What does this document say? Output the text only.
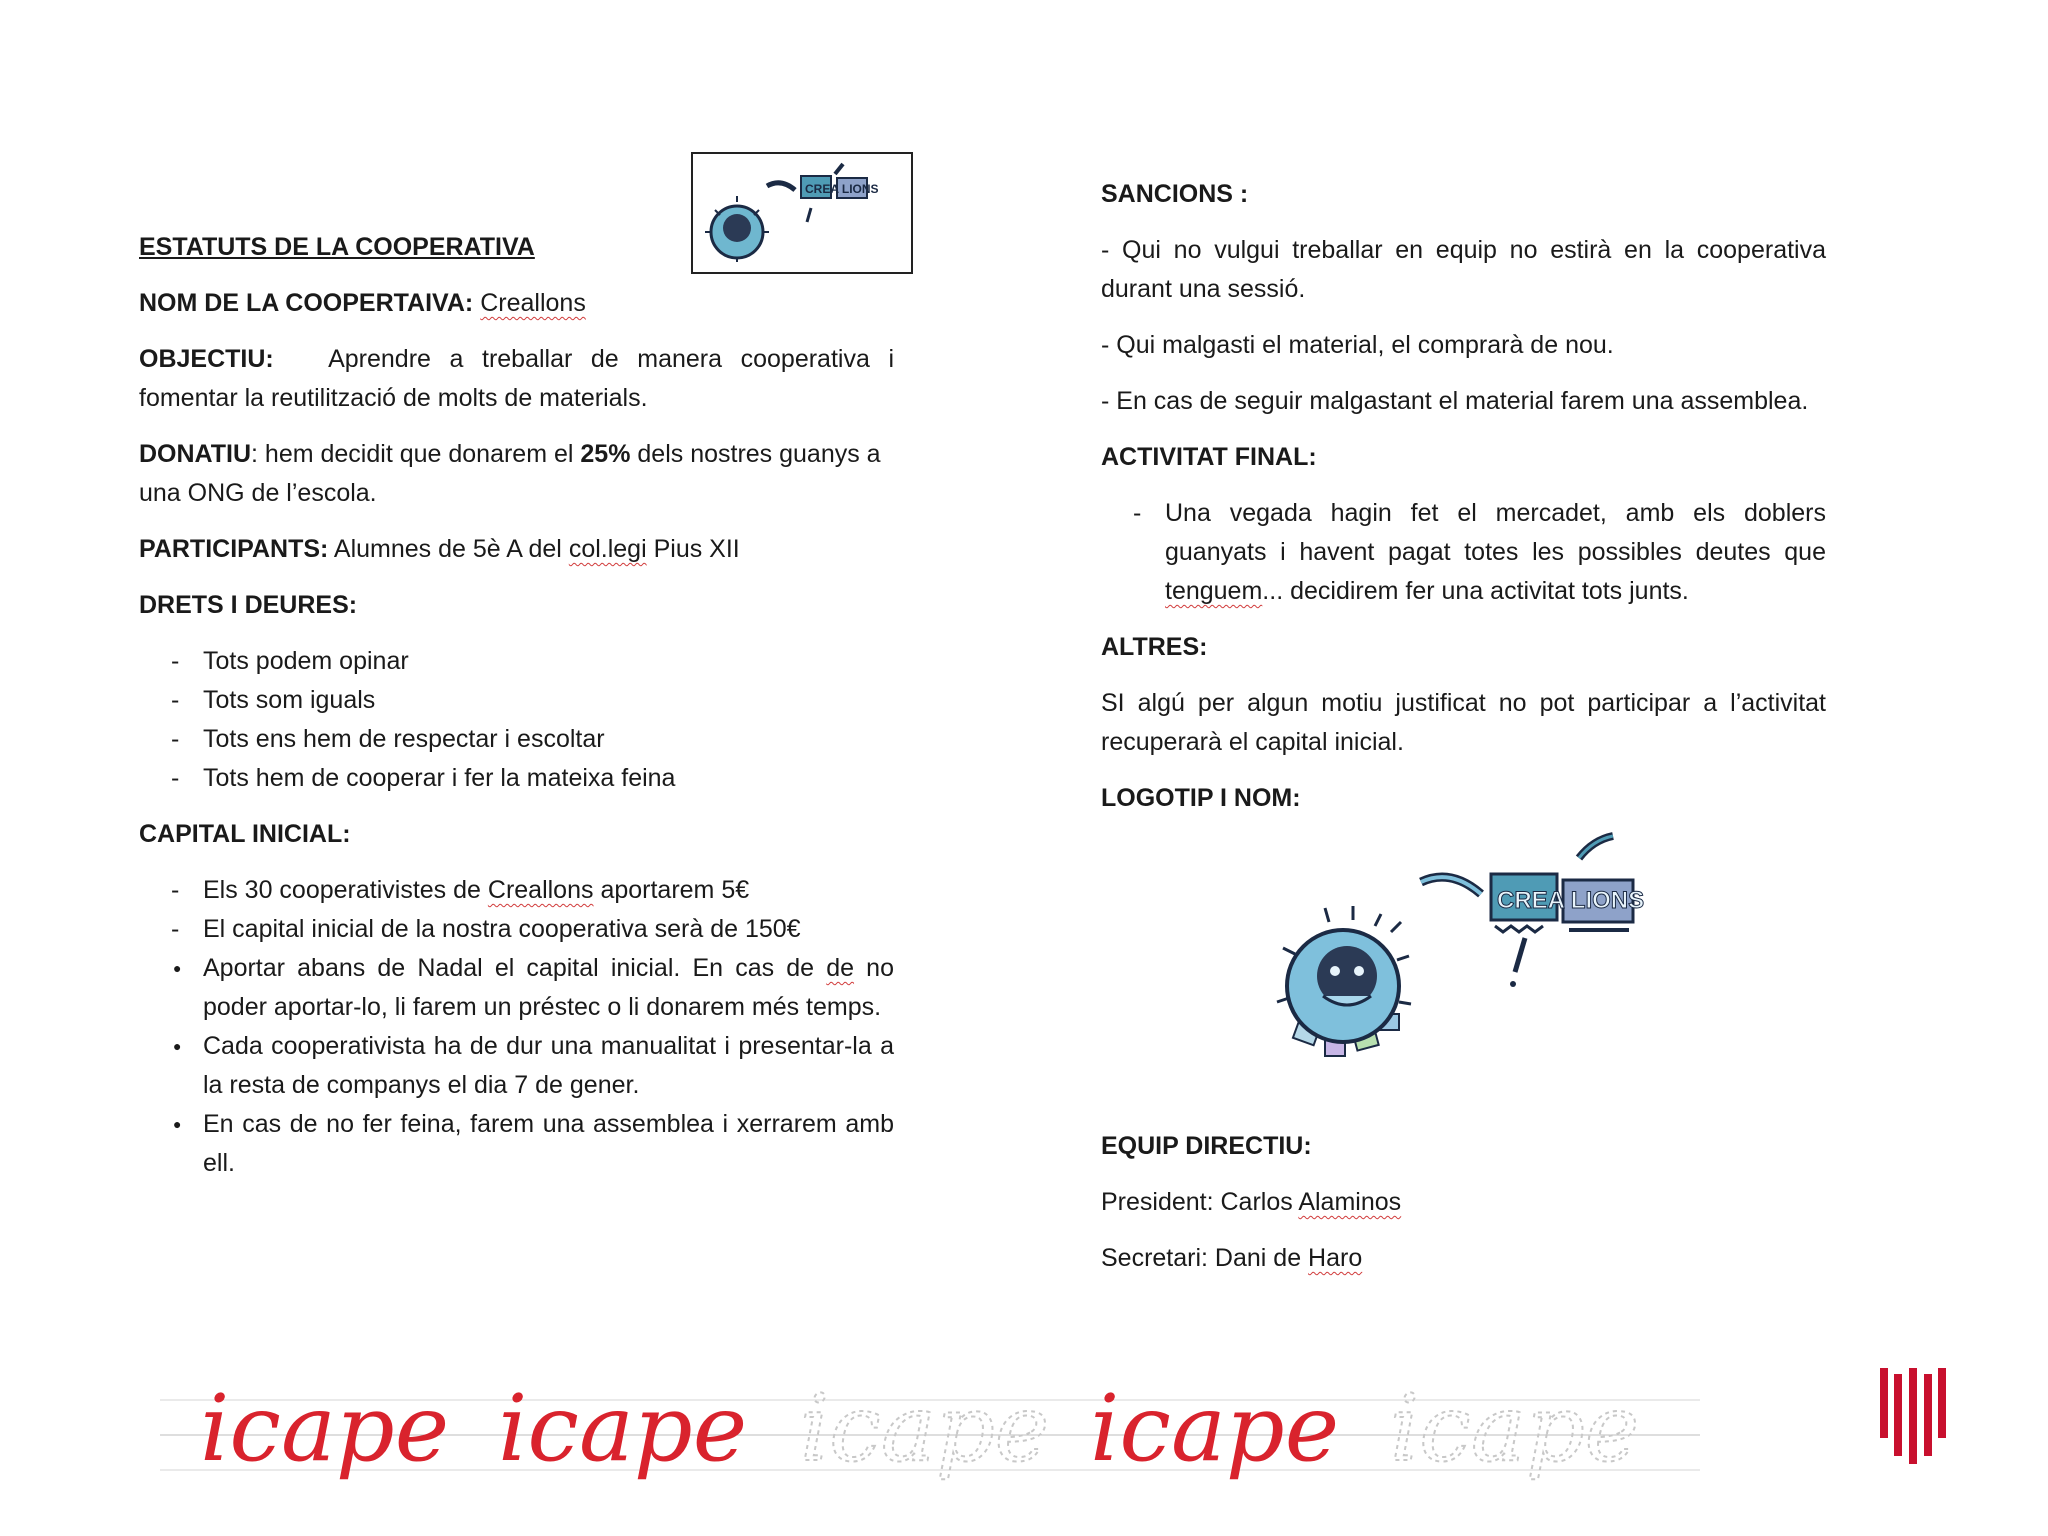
CREA LIONS

ESTATUTS DE LA COOPERATIVA

NOM DE LA COOPERTAIVA: Creallons

OBJECTIU: Aprendre a treballar de manera cooperativa i fomentar la reutilització de molts de materials.

DONATIU: hem decidit que donarem el 25% dels nostres guanys a una ONG de l’escola.

PARTICIPANTS: Alumnes de 5è A del col.legi Pius XII

DRETS I DEURES:

-
Tots podem opinar
-
Tots som iguals
-
Tots ens hem de respectar i escoltar
-
Tots hem de cooperar i fer la mateixa feina

CAPITAL INICIAL:

-
Els 30 cooperativistes de Creallons aportarem 5€
-
El capital inicial de la nostra cooperativa serà de 150€
●
Aportar abans de Nadal el capital inicial. En cas de de no poder aportar-lo, li farem un préstec o li donarem més temps.
●
Cada cooperativista ha de dur una manualitat i presentar-la a la resta de companys el dia 7 de gener.
●
En cas de no fer feina, farem una assemblea i xerrarem amb ell.

SANCIONS :

- Qui no vulgui treballar en equip no estirà en la cooperativa durant una sessió.

- Qui malgasti el material, el comprarà de nou.

- En cas de seguir malgastant el material farem una assemblea.

ACTIVITAT FINAL:

-
Una vegada hagin fet el mercadet, amb els doblers guanyats i havent pagat totes les possibles deutes que tenguem... decidirem fer una activitat tots junts.

ALTRES:

SI algú per algun motiu justificat no pot participar a l’activitat recuperarà el capital inicial.

LOGOTIP I NOM:

CREA LIONS

EQUIP DIRECTIU:

President: Carlos Alaminos

Secretari: Dani de Haro

icape icape icape icape icape
